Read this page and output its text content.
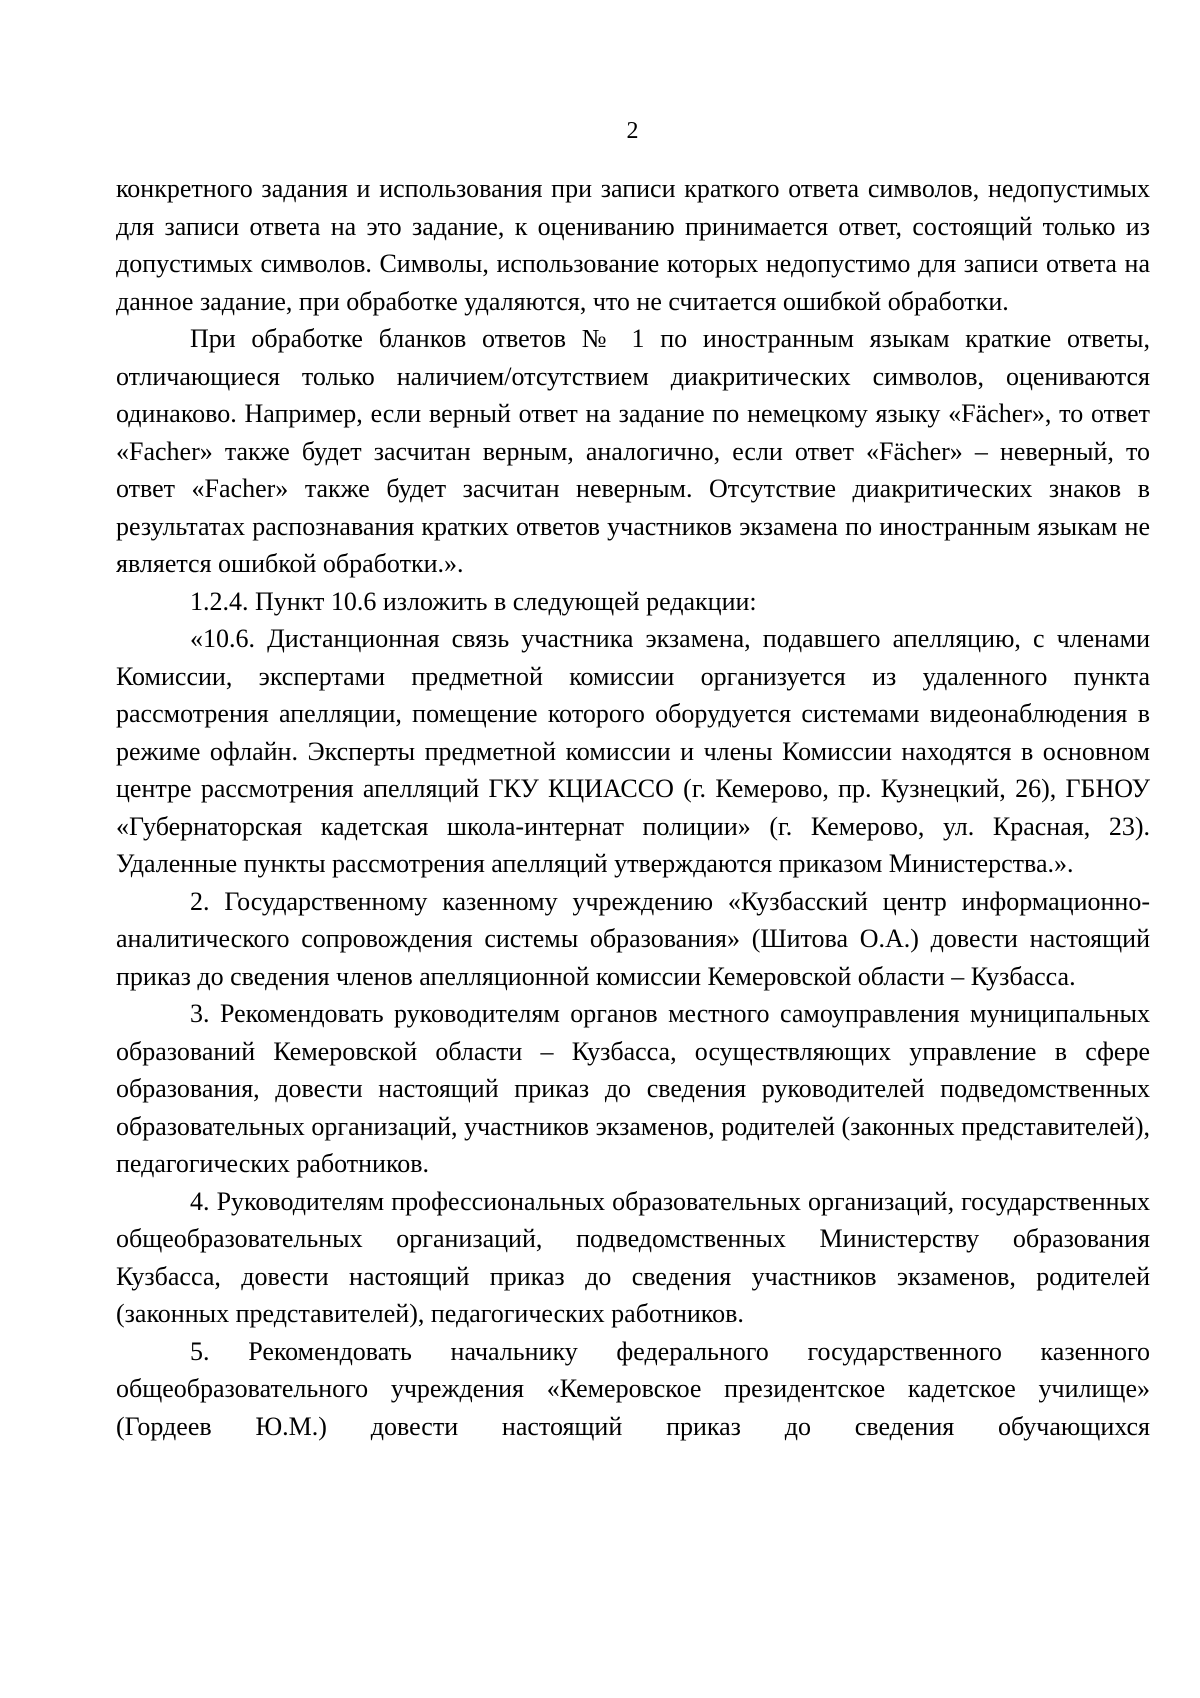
2

конкретного задания и использования при записи краткого ответа символов, недопустимых для записи ответа на это задание, к оцениванию принимается ответ, состоящий только из допустимых символов. Символы, использование которых недопустимо для записи ответа на данное задание, при обработке удаляются, что не считается ошибкой обработки.

При обработке бланков ответов № 1 по иностранным языкам краткие ответы, отличающиеся только наличием/отсутствием диакритических символов, оцениваются одинаково. Например, если верный ответ на задание по немецкому языку «Fächer», то ответ «Facher» также будет засчитан верным, аналогично, если ответ «Fächer» – неверный, то ответ «Facher» также будет засчитан неверным. Отсутствие диакритических знаков в результатах распознавания кратких ответов участников экзамена по иностранным языкам не является ошибкой обработки.».

1.2.4. Пункт 10.6 изложить в следующей редакции:

«10.6. Дистанционная связь участника экзамена, подавшего апелляцию, с членами Комиссии, экспертами предметной комиссии организуется из удаленного пункта рассмотрения апелляции, помещение которого оборудуется системами видеонаблюдения в режиме офлайн. Эксперты предметной комиссии и члены Комиссии находятся в основном центре рассмотрения апелляций ГКУ КЦИАССО (г. Кемерово, пр. Кузнецкий, 26), ГБНОУ «Губернаторская кадетская школа-интернат полиции» (г. Кемерово, ул. Красная, 23). Удаленные пункты рассмотрения апелляций утверждаются приказом Министерства.».

2. Государственному казенному учреждению «Кузбасский центр информационно-аналитического сопровождения системы образования» (Шитова О.А.) довести настоящий приказ до сведения членов апелляционной комиссии Кемеровской области – Кузбасса.

3. Рекомендовать руководителям органов местного самоуправления муниципальных образований Кемеровской области – Кузбасса, осуществляющих управление в сфере образования, довести настоящий приказ до сведения руководителей подведомственных образовательных организаций, участников экзаменов, родителей (законных представителей), педагогических работников.

4. Руководителям профессиональных образовательных организаций, государственных общеобразовательных организаций, подведомственных Министерству образования Кузбасса, довести настоящий приказ до сведения участников экзаменов, родителей (законных представителей), педагогических работников.

5. Рекомендовать начальнику федерального государственного казенного общеобразовательного учреждения «Кемеровское президентское кадетское училище» (Гордеев Ю.М.) довести настоящий приказ до сведения обучающихся
